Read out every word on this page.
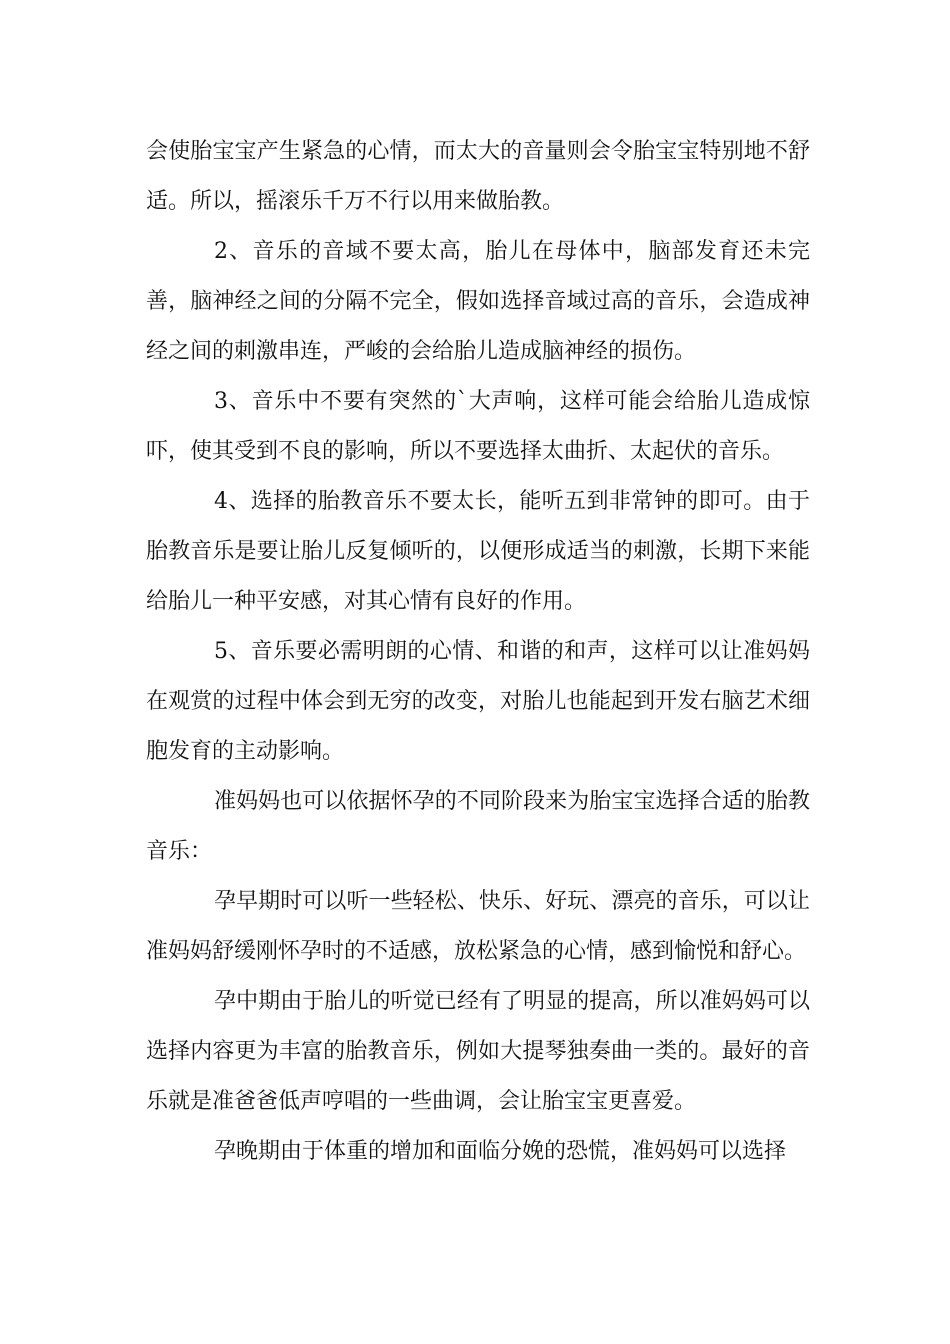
会使胎宝宝产生紧急的心情，而太大的音量则会令胎宝宝特别地不舒适。所以，摇滚乐千万不行以用来做胎教。

2、音乐的音域不要太高，胎儿在母体中，脑部发育还未完善，脑神经之间的分隔不完全，假如选择音域过高的音乐，会造成神经之间的刺激串连，严峻的会给胎儿造成脑神经的损伤。

3、音乐中不要有突然的`大声响，这样可能会给胎儿造成惊吓，使其受到不良的影响，所以不要选择太曲折、太起伏的音乐。

4、选择的胎教音乐不要太长，能听五到非常钟的即可。由于胎教音乐是要让胎儿反复倾听的，以便形成适当的刺激，长期下来能给胎儿一种平安感，对其心情有良好的作用。

5、音乐要必需明朗的心情、和谐的和声，这样可以让准妈妈在观赏的过程中体会到无穷的改变，对胎儿也能起到开发右脑艺术细胞发育的主动影响。

准妈妈也可以依据怀孕的不同阶段来为胎宝宝选择合适的胎教音乐：

孕早期时可以听一些轻松、快乐、好玩、漂亮的音乐，可以让准妈妈舒缓刚怀孕时的不适感，放松紧急的心情，感到愉悦和舒心。

孕中期由于胎儿的听觉已经有了明显的提高，所以准妈妈可以选择内容更为丰富的胎教音乐，例如大提琴独奏曲一类的。最好的音乐就是准爸爸低声哼唱的一些曲调，会让胎宝宝更喜爱。

孕晚期由于体重的增加和面临分娩的恐慌，准妈妈可以选择
